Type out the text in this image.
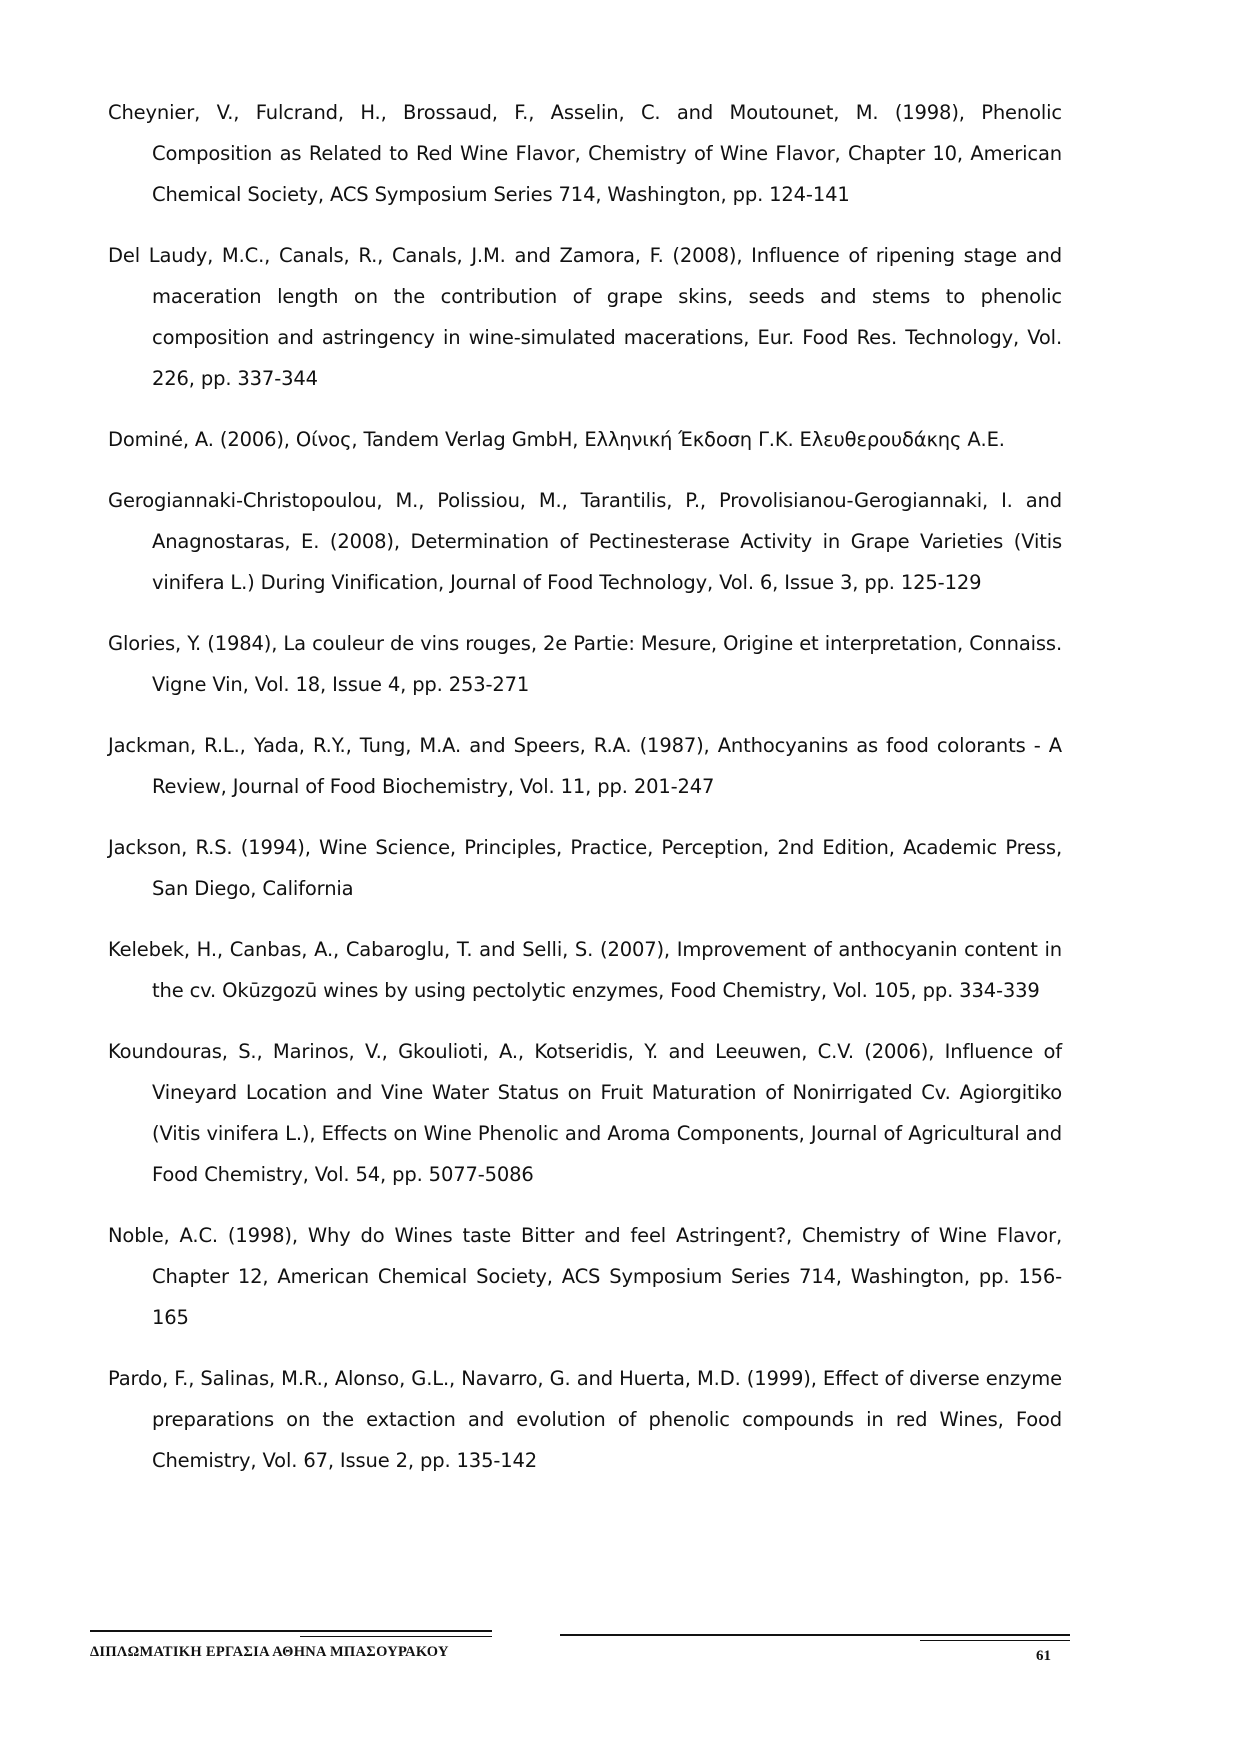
Cheynier, V., Fulcrand, H., Brossaud, F., Asselin, C. and Moutounet, M. (1998), Phenolic Composition as Related to Red Wine Flavor, Chemistry of Wine Flavor, Chapter 10, American Chemical Society, ACS Symposium Series 714, Washington, pp. 124-141
Del Laudy, M.C., Canals, R., Canals, J.M. and Zamora, F. (2008), Influence of ripening stage and maceration length on the contribution of grape skins, seeds and stems to phenolic composition and astringency in wine-simulated macerations, Eur. Food Res. Technology, Vol. 226, pp. 337-344
Dominé, A. (2006), Οίνος, Tandem Verlag GmbH, Ελληνική Έκδοση Γ.Κ. Ελευθερουδάκης Α.Ε.
Gerogiannaki-Christopoulou, M., Polissiou, M., Tarantilis, P., Provolisianou-Gerogiannaki, I. and Anagnostaras, E. (2008), Determination of Pectinesterase Activity in Grape Varieties (Vitis vinifera L.) During Vinification, Journal of Food Technology, Vol. 6, Issue 3, pp. 125-129
Glories, Y. (1984), La couleur de vins rouges, 2e Partie: Mesure, Origine et interpretation, Connaiss. Vigne Vin, Vol. 18, Issue 4, pp. 253-271
Jackman, R.L., Yada, R.Y., Tung, M.A. and Speers, R.A. (1987), Anthocyanins as food colorants - A Review, Journal of Food Biochemistry, Vol. 11, pp. 201-247
Jackson, R.S. (1994), Wine Science, Principles, Practice, Perception, 2nd Edition, Academic Press, San Diego, California
Kelebek, H., Canbas, A., Cabaroglu, T. and Selli, S. (2007), Improvement of anthocyanin content in the cv. Okūzgozū wines by using pectolytic enzymes, Food Chemistry, Vol. 105, pp. 334-339
Koundouras, S., Marinos, V., Gkoulioti, A., Kotseridis, Y. and Leeuwen, C.V. (2006), Influence of Vineyard Location and Vine Water Status on Fruit Maturation of Nonirrigated Cv. Agiorgitiko (Vitis vinifera L.), Effects on Wine Phenolic and Aroma Components, Journal of Agricultural and Food Chemistry, Vol. 54, pp. 5077-5086
Noble, A.C. (1998), Why do Wines taste Bitter and feel Astringent?, Chemistry of Wine Flavor, Chapter 12, American Chemical Society, ACS Symposium Series 714, Washington, pp. 156-165
Pardo, F., Salinas, M.R., Alonso, G.L., Navarro, G. and Huerta, M.D. (1999), Effect of diverse enzyme preparations on the extaction and evolution of phenolic compounds in red Wines, Food Chemistry, Vol. 67, Issue 2, pp. 135-142
ΔΙΠΛΩΜΑΤΙΚΗ ΕΡΓΑΣΙΑ ΑΘΗΝΑ ΜΠΑΣΟΥΡΑΚΟΥ	61
